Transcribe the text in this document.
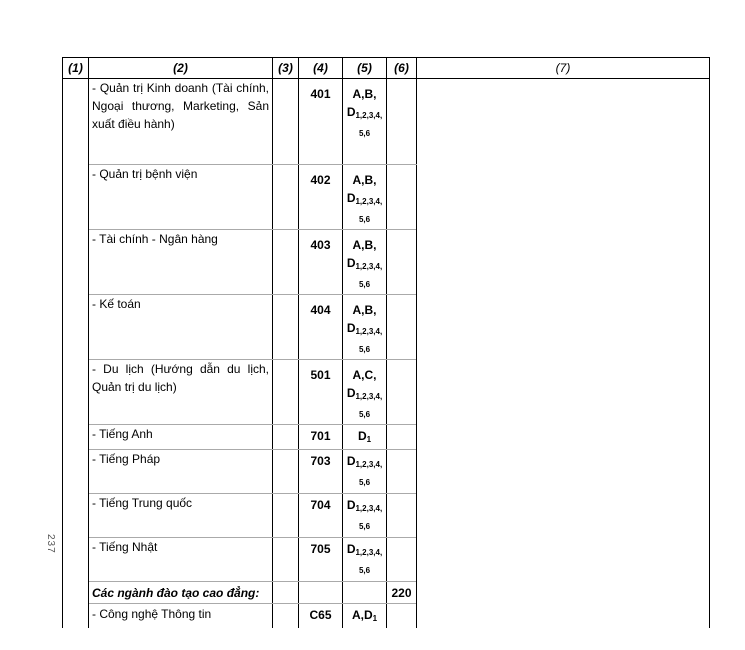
237
(1)	(2)	(3)	(4)	(5)	(6)	(7)
	- Quản trị Kinh doanh (Tài chính, Ngoại thương, Marketing, Sản xuất điều hành)		401	A,B,
$D_{1,2,3,4,}$
5,6		

	- Quản trị bệnh viện		402	A,B,
$D_{1,2,3,4,}$
5,6		

	- Tài chính - Ngân hàng		403	A,B,
$D_{1,2,3,4,}$
5,6		

	- Kế toán		404	A,B,
$D_{1,2,3,4,}$
5,6		

	- Du lịch (Hướng dẫn du lịch, Quản trị du lịch)		501	A,C,
$D_{1,2,3,4,}$
5,6		

	- Tiếng Anh		701	$D_1$	
	- Tiếng Pháp		703	$D_{1,2,3,4,}$
5,6		

	- Tiếng Trung quốc		704	$D_{1,2,3,4,}$
5,6		

	- Tiếng Nhật		705	$D_{1,2,3,4,}$
5,6		

	Các ngành đào tạo cao đẳng:				220	
	- Công nghệ Thông tin		C65	$A,D_1$	
